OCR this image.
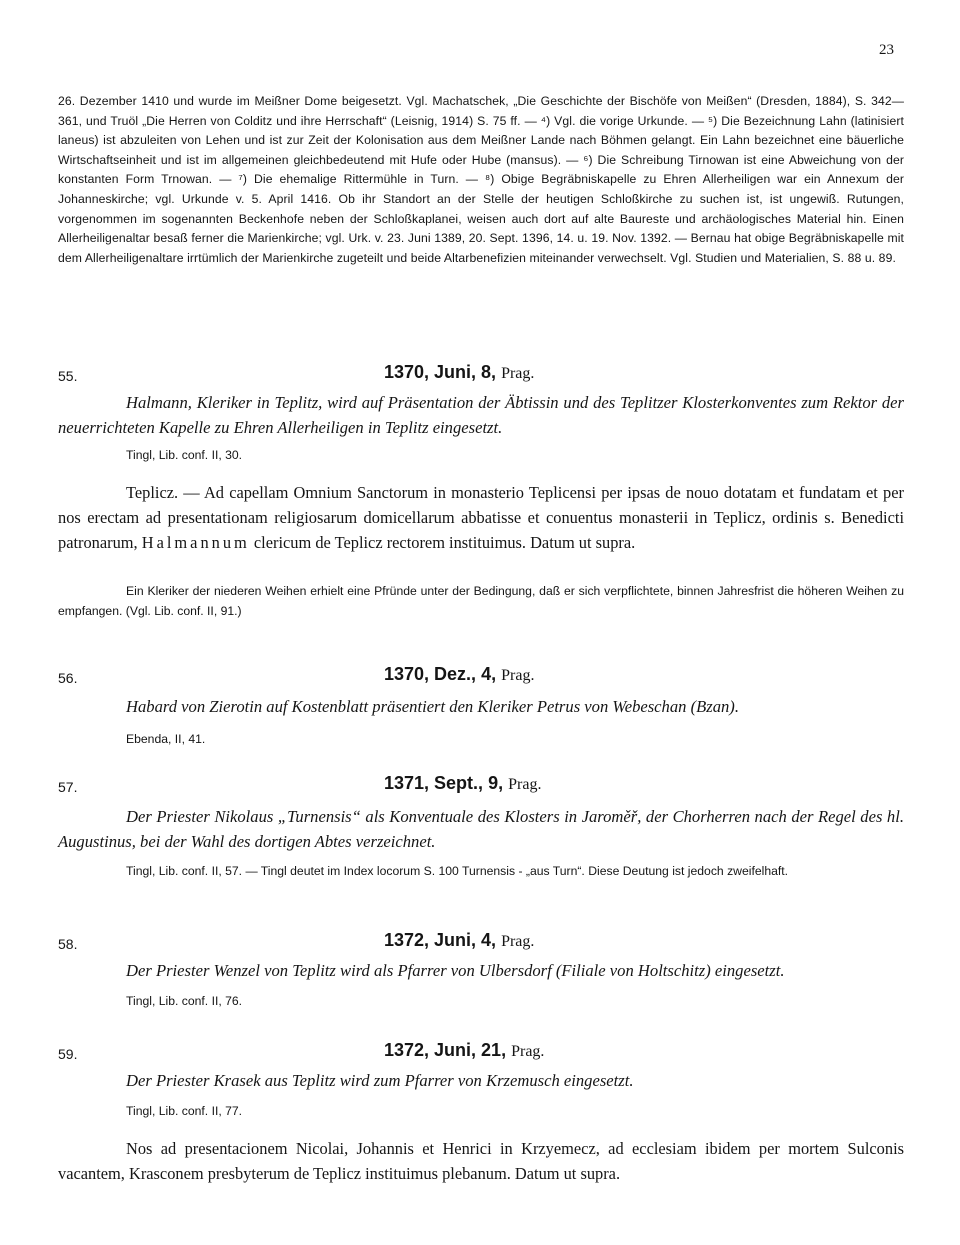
23
26. Dezember 1410 und wurde im Meißner Dome beigesetzt. Vgl. Machatschek, „Die Geschichte der Bischöfe von Meißen“ (Dresden, 1884), S. 342—361, und Truöl „Die Herren von Colditz und ihre Herrschaft“ (Leisnig, 1914) S. 75 ff. — ⁴) Vgl. die vorige Urkunde. — ⁵) Die Bezeichnung Lahn (latinisiert laneus) ist abzuleiten von Lehen und ist zur Zeit der Kolonisation aus dem Meißner Lande nach Böhmen gelangt. Ein Lahn bezeichnet eine bäuerliche Wirtschaftseinheit und ist im allgemeinen gleichbedeutend mit Hufe oder Hube (mansus). — ⁶) Die Schreibung Tirnowan ist eine Abweichung von der konstanten Form Trnowan. — ⁷) Die ehemalige Rittermühle in Turn. — ⁸) Obige Begräbniskapelle zu Ehren Allerheiligen war ein Annexum der Johanneskirche; vgl. Urkunde v. 5. April 1416. Ob ihr Standort an der Stelle der heutigen Schloßkirche zu suchen ist, ist ungewiß. Rutungen, vorgenommen im sogenannten Beckenhofe neben der Schloßkaplanei, weisen auch dort auf alte Baureste und archäologisches Material hin. Einen Allerheiligenaltar besaß ferner die Marienkirche; vgl. Urk. v. 23. Juni 1389, 20. Sept. 1396, 14. u. 19. Nov. 1392. — Bernau hat obige Begräbniskapelle mit dem Allerheiligenaltare irrtümlich der Marienkirche zugeteilt und beide Altarbenefizien miteinander verwechselt. Vgl. Studien und Materialien, S. 88 u. 89.
55.	1370, Juni, 8, Prag.
Halmann, Kleriker in Teplitz, wird auf Präsentation der Äbtissin und des Teplitzer Klosterkonventes zum Rektor der neuerrichteten Kapelle zu Ehren Allerheiligen in Teplitz eingesetzt.
Tingl, Lib. conf. II, 30.
Teplicz. — Ad capellam Omnium Sanctorum in monasterio Teplicensi per ipsas de nouo dotatam et fundatam et per nos erectam ad presentationam religiosarum domicellarum abbatisse et conuentus monasterii in Teplicz, ordinis s. Benedicti patronarum, Halmannum clericum de Teplicz rectorem instituimus. Datum ut supra.
Ein Kleriker der niederen Weihen erhielt eine Pfründe unter der Bedingung, daß er sich verpflichtete, binnen Jahresfrist die höheren Weihen zu empfangen. (Vgl. Lib. conf. II, 91.)
56.	1370, Dez., 4, Prag.
Habard von Zierotin auf Kostenblatt präsentiert den Kleriker Petrus von Webeschan (Bzan).
Ebenda, II, 41.
57.	1371, Sept., 9, Prag.
Der Priester Nikolaus „Turnensis“ als Konventuale des Klosters in Jaroměř, der Chorherren nach der Regel des hl. Augustinus, bei der Wahl des dortigen Abtes verzeichnet.
Tingl, Lib. conf. II, 57. — Tingl deutet im Index locorum S. 100 Turnensis - „aus Turn“. Diese Deutung ist jedoch zweifelhaft.
58.	1372, Juni, 4, Prag.
Der Priester Wenzel von Teplitz wird als Pfarrer von Ulbersdorf (Filiale von Holtschitz) eingesetzt.
Tingl, Lib. conf. II, 76.
59.	1372, Juni, 21, Prag.
Der Priester Krasek aus Teplitz wird zum Pfarrer von Krzemusch eingesetzt.
Tingl, Lib. conf. II, 77.
Nos ad presentacionem Nicolai, Johannis et Henrici in Krzyemecz, ad ecclesiam ibidem per mortem Sulconis vacantem, Krasconem presbyterum de Teplicz instituimus plebanum. Datum ut supra.
